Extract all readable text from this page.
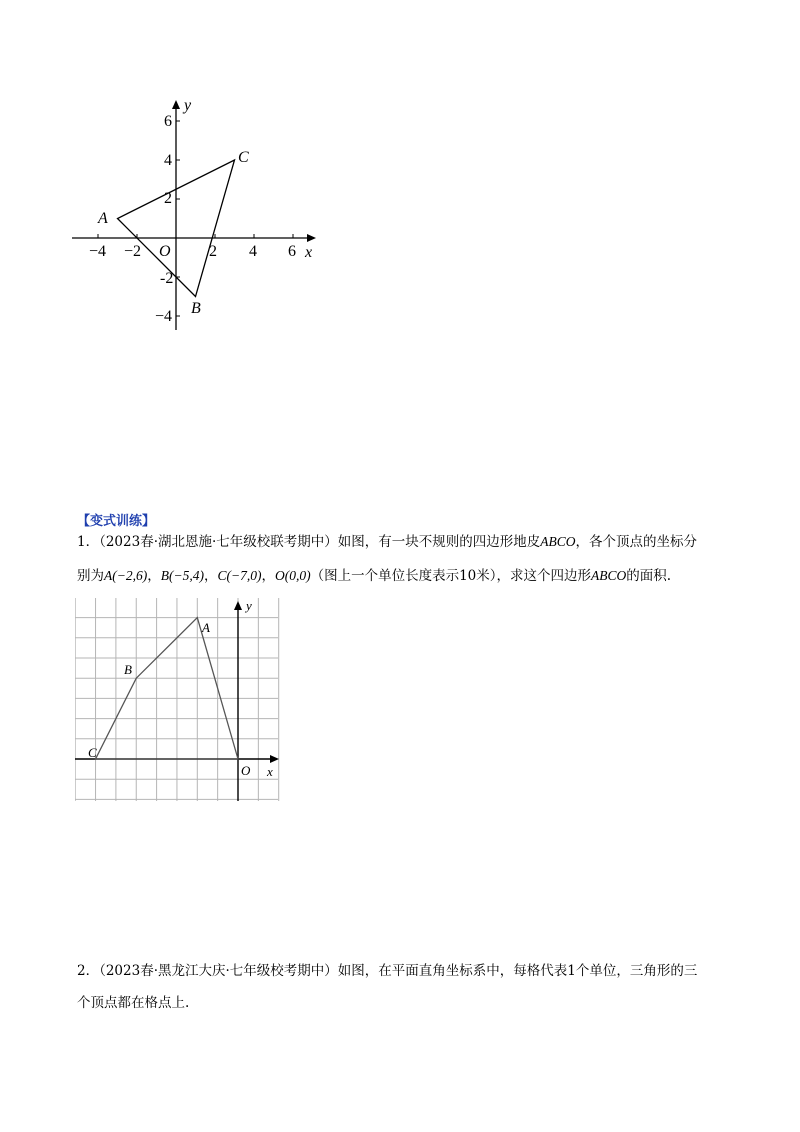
y
x
O
−4 −2	2 4 6
6
4
2
-2
−4
A
B
C
【变式训练】
1．（2023春·湖北恩施·七年级校联考期中）如图，有一块不规则的四边形地皮ABCO，各个顶点的坐标分
别为A(−2,6)，B(−5,4)，C(−7,0)，O(0,0)（图上一个单位长度表示10米），求这个四边形ABCO的面积.
y
x
O
A
B
C
2．（2023春·黑龙江大庆·七年级校考期中）如图，在平面直角坐标系中，每格代表1个单位，三角形的三
个顶点都在格点上.
